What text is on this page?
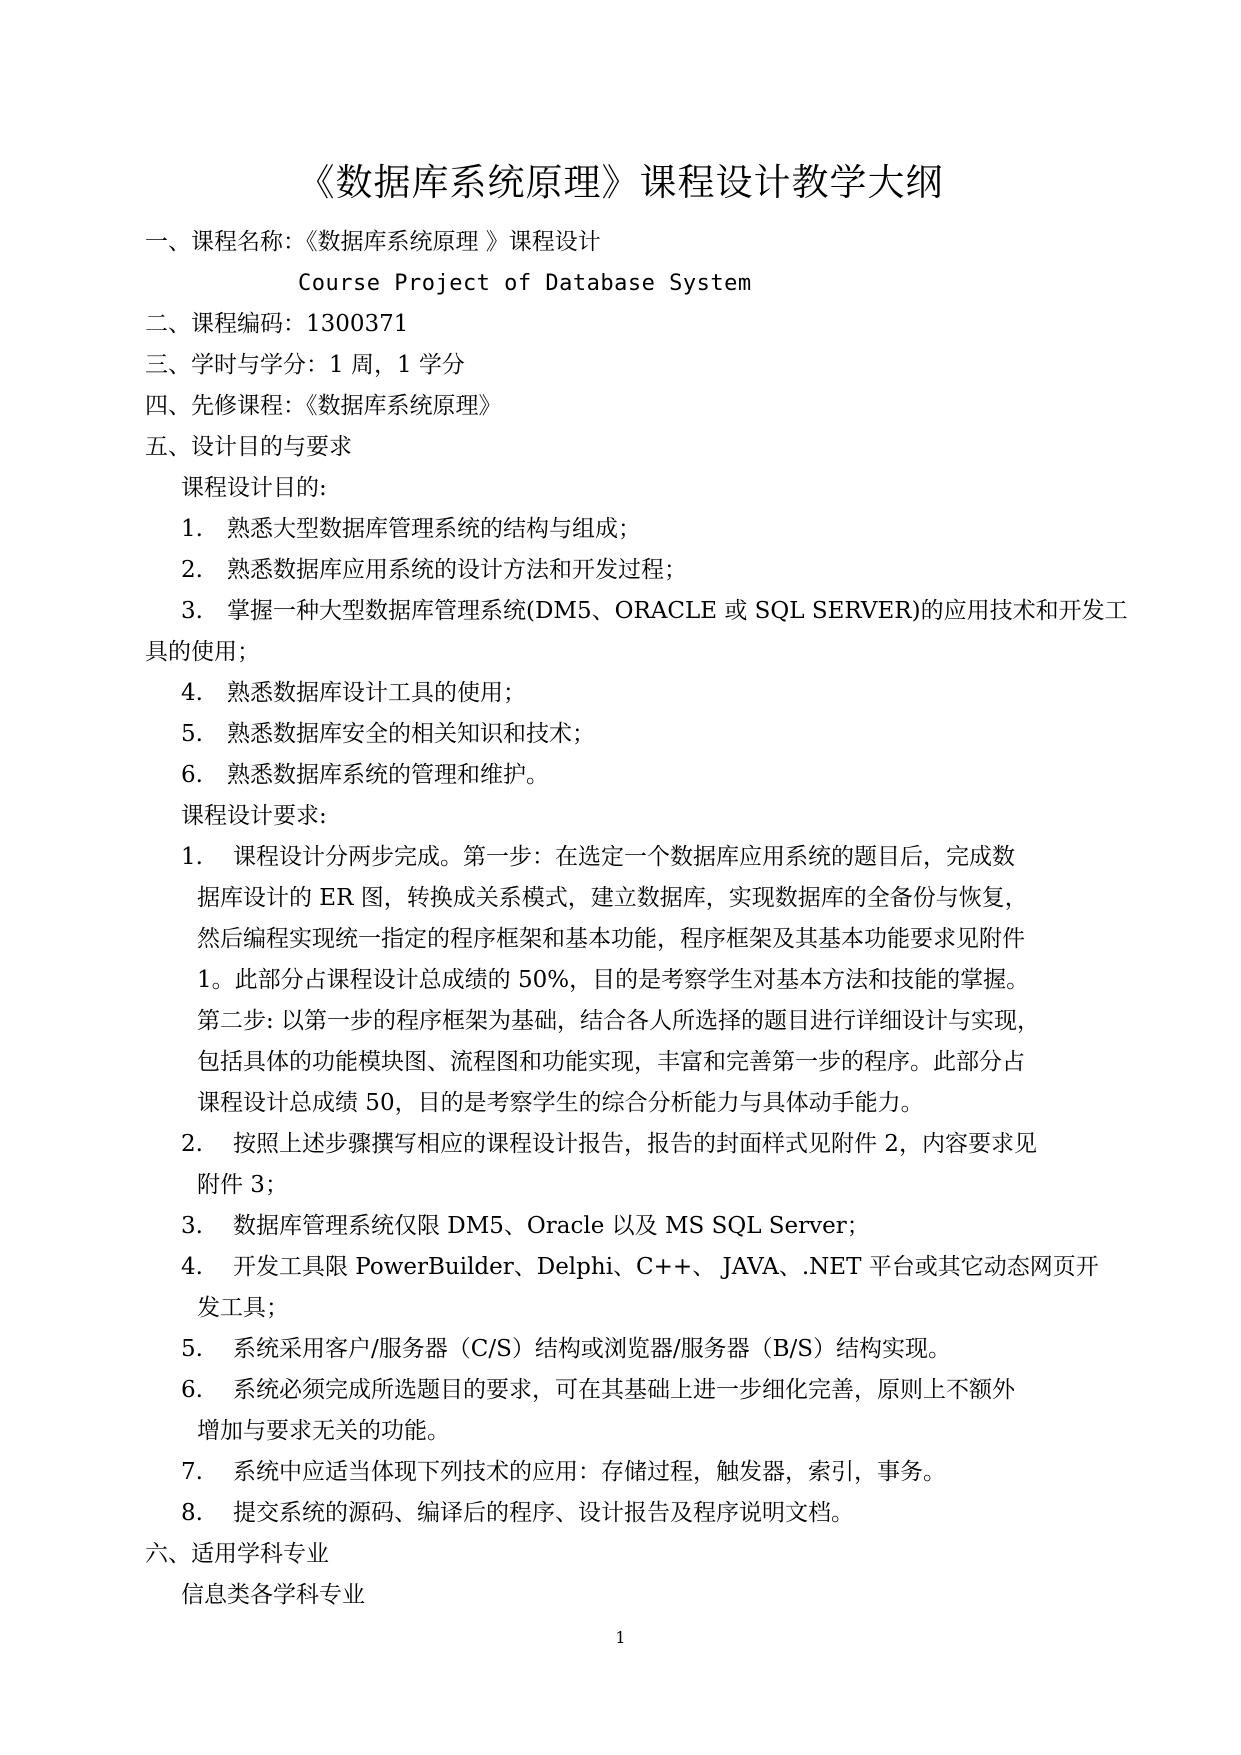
《数据库系统原理》课程设计教学大纲
一、课程名称：《数据库系统原理 》课程设计
Course Project of Database System
二、课程编码：1300371
三、学时与学分：1 周，1 学分
四、先修课程：《数据库系统原理》
五、设计目的与要求
课程设计目的:
1. 熟悉大型数据库管理系统的结构与组成；
2. 熟悉数据库应用系统的设计方法和开发过程；
3. 掌握一种大型数据库管理系统(DM5、ORACLE 或 SQL SERVER)的应用技术和开发工
具的使用；
4. 熟悉数据库设计工具的使用；
5. 熟悉数据库安全的相关知识和技术；
6. 熟悉数据库系统的管理和维护。
课程设计要求:
1. 课程设计分两步完成。第一步：在选定一个数据库应用系统的题目后，完成数
据库设计的 ER 图，转换成关系模式，建立数据库，实现数据库的全备份与恢复，
然后编程实现统一指定的程序框架和基本功能，程序框架及其基本功能要求见附件
1。此部分占课程设计总成绩的 50%，目的是考察学生对基本方法和技能的掌握。
第二步: 以第一步的程序框架为基础，结合各人所选择的题目进行详细设计与实现，
包括具体的功能模块图、流程图和功能实现，丰富和完善第一步的程序。此部分占
课程设计总成绩 50，目的是考察学生的综合分析能力与具体动手能力。
2. 按照上述步骤撰写相应的课程设计报告，报告的封面样式见附件 2，内容要求见
附件 3；
3. 数据库管理系统仅限 DM5、Oracle 以及 MS SQL Server；
4. 开发工具限 PowerBuilder、Delphi、C++、 JAVA、.NET 平台或其它动态网页开
发工具；
5. 系统采用客户/服务器（C/S）结构或浏览器/服务器（B/S）结构实现。
6. 系统必须完成所选题目的要求，可在其基础上进一步细化完善，原则上不额外
增加与要求无关的功能。
7. 系统中应适当体现下列技术的应用：存储过程，触发器，索引，事务。
8. 提交系统的源码、编译后的程序、设计报告及程序说明文档。
六、适用学科专业
信息类各学科专业
1
